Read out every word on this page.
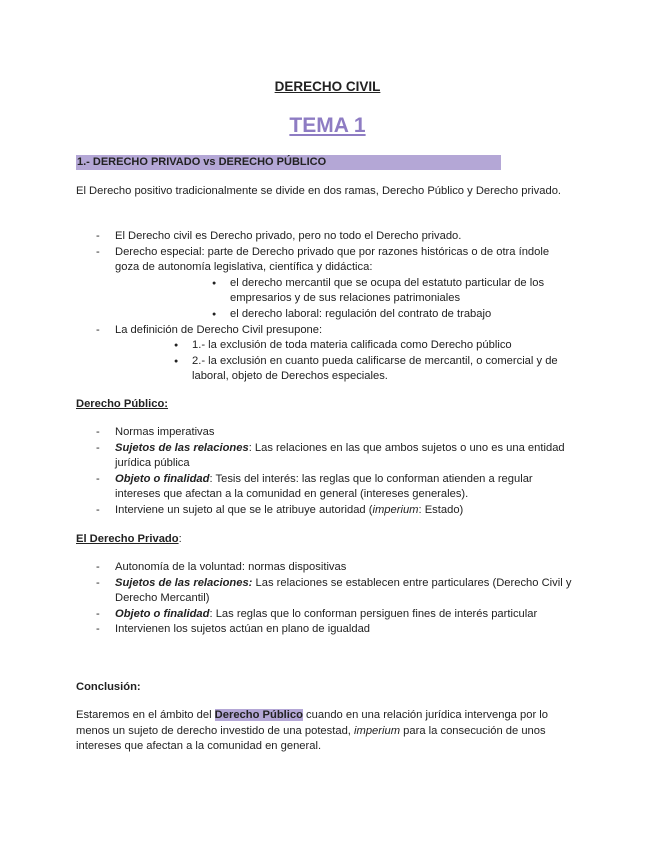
DERECHO CIVIL
TEMA 1
1.- DERECHO PRIVADO vs DERECHO PÚBLICO

El Derecho positivo tradicionalmente se divide en dos ramas, Derecho Público y Derecho privado.

- El Derecho civil es Derecho privado, pero no todo el Derecho privado.
- Derecho especial: parte de Derecho privado que por razones históricas o de otra índole goza de autonomía legislativa, científica y didáctica:
● el derecho mercantil que se ocupa del estatuto particular de los empresarios y de sus relaciones patrimoniales
● el derecho laboral: regulación del contrato de trabajo
- La definición de Derecho Civil presupone:
● 1.- la exclusión de toda materia calificada como Derecho público
● 2.- la exclusión en cuanto pueda calificarse de mercantil, o comercial y de laboral, objeto de Derechos especiales.

Derecho Público:

- Normas imperativas
- Sujetos de las relaciones: Las relaciones en las que ambos sujetos o uno es una entidad jurídica pública
- Objeto o finalidad: Tesis del interés: las reglas que lo conforman atienden a regular intereses que afectan a la comunidad en general (intereses generales).
- Interviene un sujeto al que se le atribuye autoridad (imperium: Estado)

El Derecho Privado:

- Autonomía de la voluntad: normas dispositivas
- Sujetos de las relaciones: Las relaciones se establecen entre particulares (Derecho Civil y Derecho Mercantil)
- Objeto o finalidad: Las reglas que lo conforman persiguen fines de interés particular
- Intervienen los sujetos actúan en plano de igualdad

Conclusión:

Estaremos en el ámbito del Derecho Público cuando en una relación jurídica intervenga por lo menos un sujeto de derecho investido de una potestad, imperium para la consecución de unos intereses que afectan a la comunidad en general.
